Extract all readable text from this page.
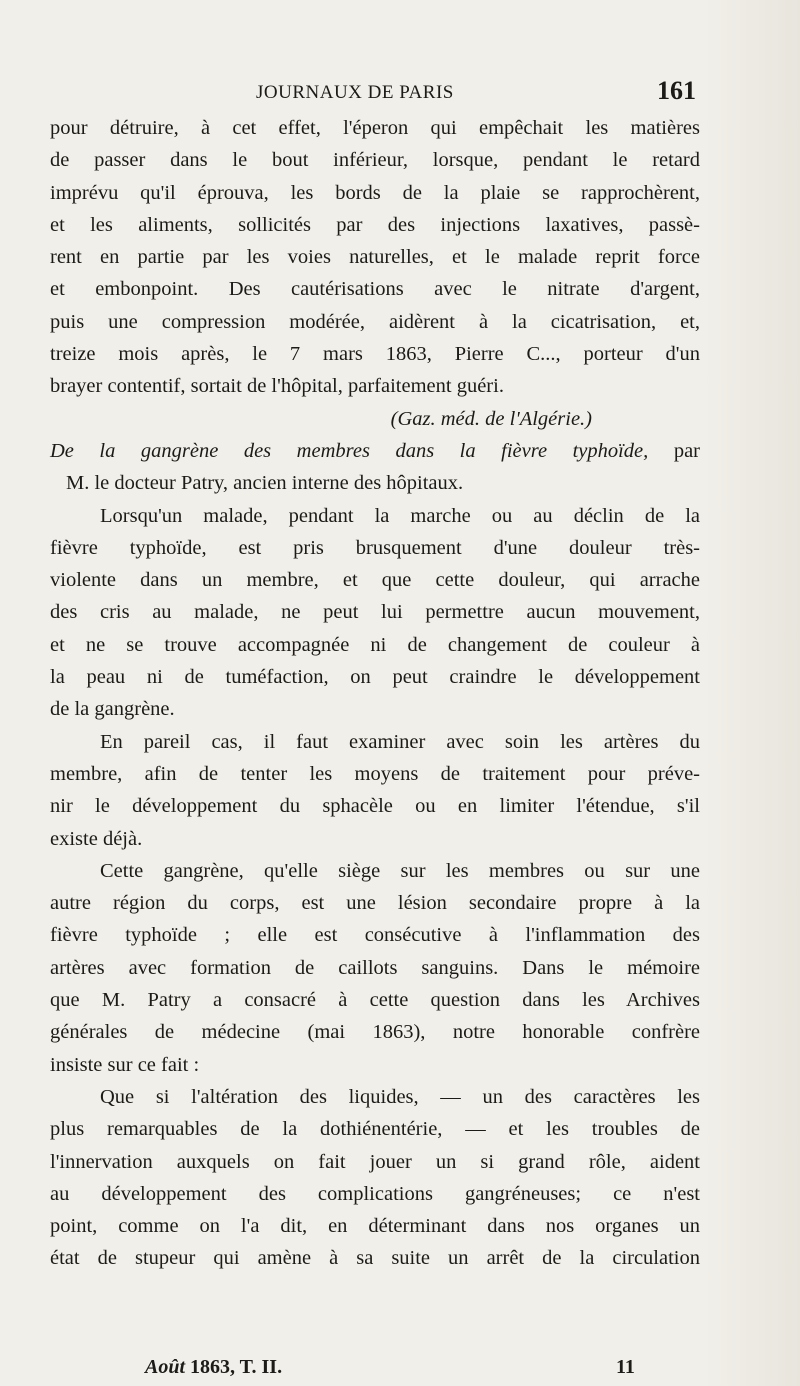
JOURNAUX DE PARIS	161
pour détruire, à cet effet, l'éperon qui empêchait les matières
de passer dans le bout inférieur, lorsque, pendant le retard
imprévu qu'il éprouva, les bords de la plaie se rapprochèrent,
et les aliments, sollicités par des injections laxatives, passè-
rent en partie par les voies naturelles, et le malade reprit force
et embonpoint. Des cautérisations avec le nitrate d'argent,
puis une compression modérée, aidèrent à la cicatrisation, et,
treize mois après, le 7 mars 1863, Pierre C..., porteur d'un
brayer contentif, sortait de l'hôpital, parfaitement guéri.
(Gaz. méd. de l'Algérie.)
De la gangrène des membres dans la fièvre typhoïde, par
M. le docteur Patry, ancien interne des hôpitaux.
Lorsqu'un malade, pendant la marche ou au déclin de la
fièvre typhoïde, est pris brusquement d'une douleur très-
violente dans un membre, et que cette douleur, qui arrache
des cris au malade, ne peut lui permettre aucun mouvement,
et ne se trouve accompagnée ni de changement de couleur à
la peau ni de tuméfaction, on peut craindre le développement
de la gangrène.
En pareil cas, il faut examiner avec soin les artères du
membre, afin de tenter les moyens de traitement pour préve-
nir le développement du sphacèle ou en limiter l'étendue, s'il
existe déjà.
Cette gangrène, qu'elle siège sur les membres ou sur une
autre région du corps, est une lésion secondaire propre à la
fièvre typhoïde ; elle est consécutive à l'inflammation des
artères avec formation de caillots sanguins. Dans le mémoire
que M. Patry a consacré à cette question dans les Archives
générales de médecine (mai 1863), notre honorable confrère
insiste sur ce fait :
Que si l'altération des liquides, — un des caractères les
plus remarquables de la dothiénentérie, — et les troubles de
l'innervation auxquels on fait jouer un si grand rôle, aident
au développement des complications gangréneuses; ce n'est
point, comme on l'a dit, en déterminant dans nos organes un
état de stupeur qui amène à sa suite un arrêt de la circulation
Août 1863, T. II.	11
